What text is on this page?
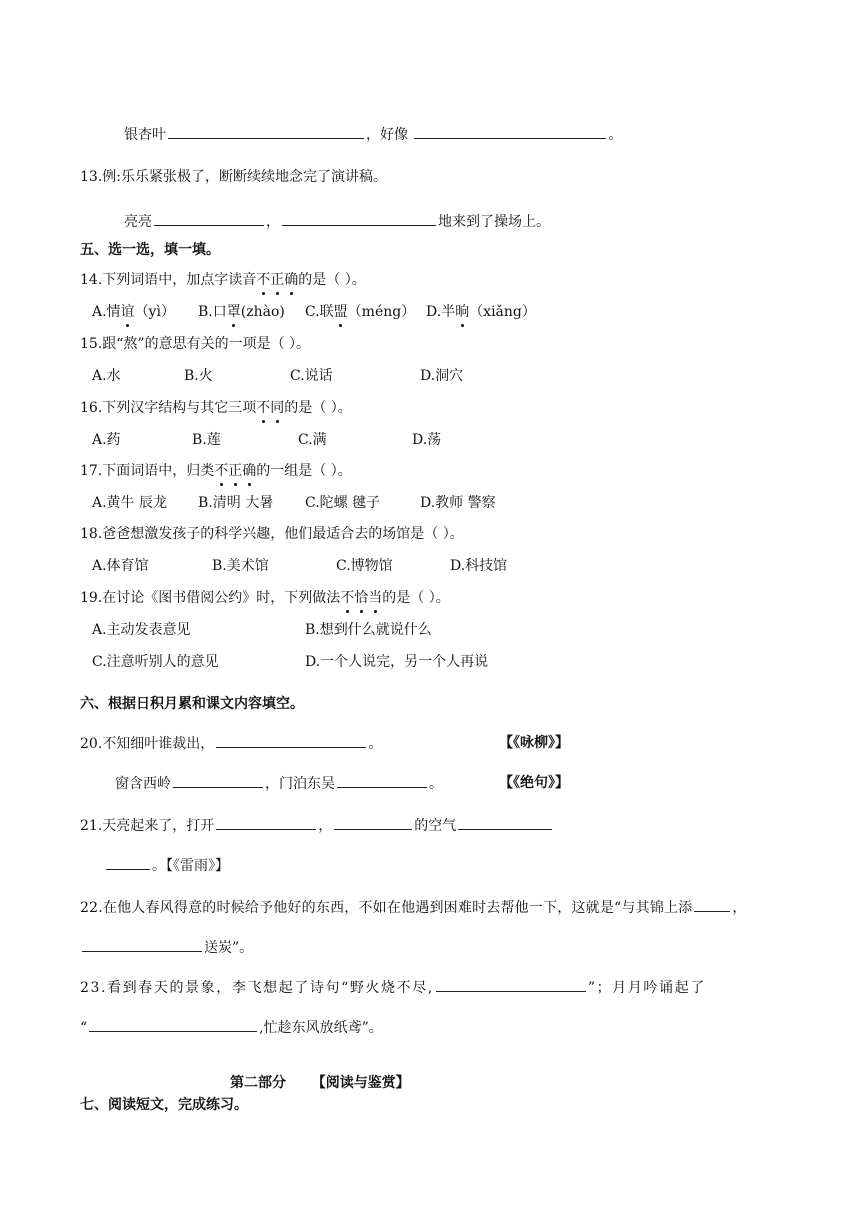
银杏叶	，好像	。
13.例:乐乐紧张极了，断断续续地念完了演讲稿。
亮亮	，	地来到了操场上。
五、选一选，填一填。
14.下列词语中，加点字读音不正确的是（ ）。
A.情谊（yì） B.口罩(zhào) C.联盟（méng） D.半晌（xiǎng）
15.跟“熬”的意思有关的一项是（ ）。
A.水	B.火	C.说话	D.洞穴
16.下列汉字结构与其它三项不同的是（ ）。
A.药	B.莲	C.满	D.荡
17.下面词语中，归类不正确的一组是（ ）。
A.黄牛 辰龙 B.清明 大暑 C.陀螺 毽子	D.教师 警察
18.爸爸想激发孩子的科学兴趣，他们最适合去的场馆是（ ）。
A.体育馆	B.美术馆	C.博物馆	D.科技馆
19.在讨论《图书借阅公约》时，下列做法不恰当的是（ ）。
A.主动发表意见	B.想到什么就说什么
C.注意听别人的意见	D.一个人说完，另一个人再说
六、根据日积月累和课文内容填空。
20.不知细叶谁裁出，	。	【《咏柳》】
窗含西岭	，门泊东吴	。	【《绝句》】
21.天亮起来了，打开	，	的空气
。【《雷雨》】
22.在他人春风得意的时候给予他好的东西，不如在他遇到困难时去帮他一下，这就是“与其锦上添	，
送炭”。
23.看到春天的景象，李飞想起了诗句“野火烧不尽,	”；月月吟诵起了
“	,忙趁东风放纸鸢”。
第二部分 【阅读与鉴赏】
七、阅读短文，完成练习。
